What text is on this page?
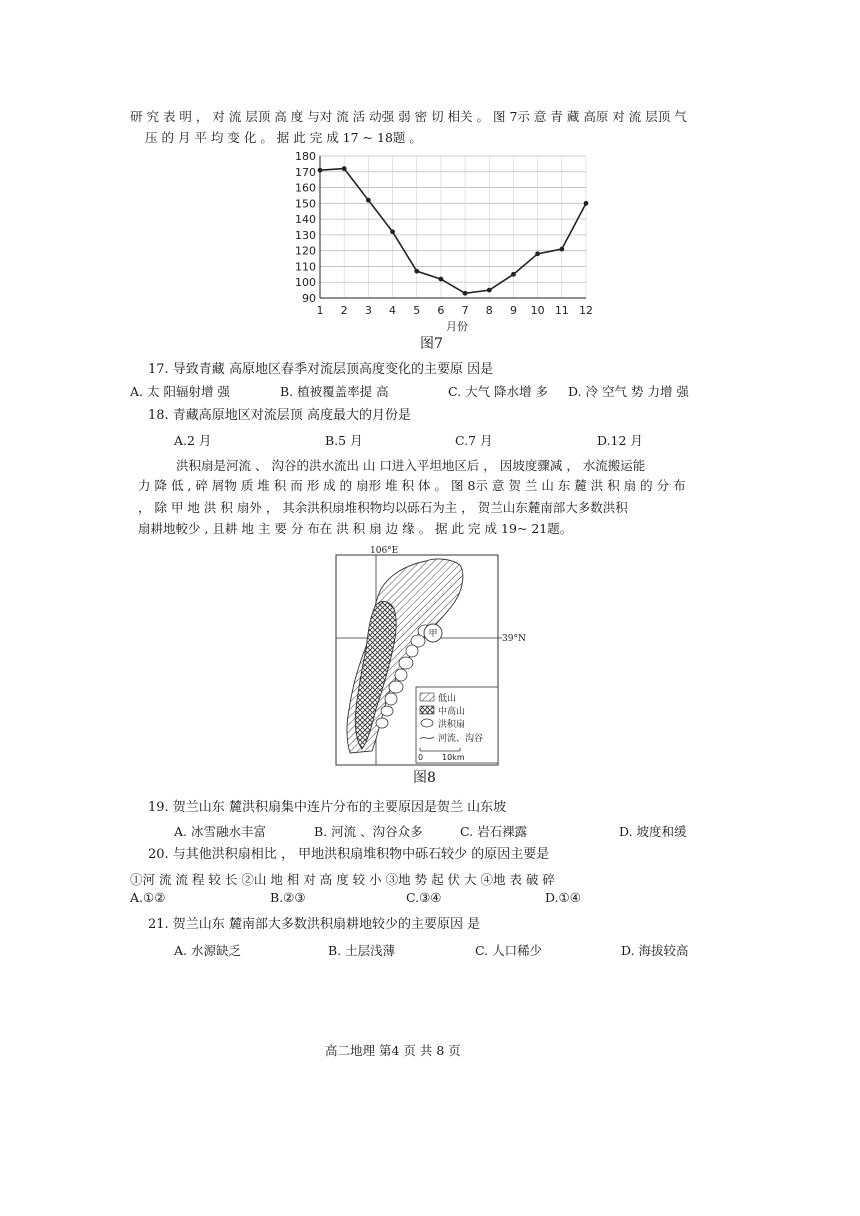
研 究 表 明 ， 对 流 层顶 高 度 与对 流 活 动强 弱 密 切 相关 。 图 7示 意 青 藏 高原 对 流 层顶 气
压 的 月 平 均 变 化 。 据 此 完 成 17 ~ 18题 。
90
100
110
120
130
140
150
160
170
180
1 2 3 4 5 6 7 8 9 10 11 12
月份
图7
17. 导致青藏 高原地区春季对流层顶高度变化的主要原 因是
A. 太 阳辐射增 强	B. 植被覆盖率提 高	C. 大气 降水增 多 D. 冷 空气 势 力增 强
18. 青藏高原地区对流层顶 高度最大的月份是
A.2 月	B.5 月	C.7 月	D.12 月
洪积扇是河流 、 沟谷的洪水流出 山 口进入平坦地区后 ， 因坡度骤减 ， 水流搬运能
力 降 低 , 碎 屑物 质 堆 积 而 形 成 的 扇形 堆 积 体 。 图 8示 意 贺 兰 山 东 麓 洪 积 扇 的 分 布
， 除 甲 地 洪 积 扇外 ， 其余洪积扇堆积物均以砾石为主 ， 贺兰山东麓南部大多数洪积
扇耕地較少 , 且耕 地 主 要 分 布在 洪 积 扇 边 缘 。 据 此 完 成 19~ 21题。
甲
106°E
39°N
低山
中高山
洪积扇
河流、沟谷
0 10km
图8
19. 贺兰山东 麓洪积扇集中连片分布的主要原因是贺兰 山东坡
A. 冰雪融水丰富	B. 河流 、沟谷众多	C. 岩石裸露	D. 坡度和缓
20. 与其他洪积扇相比 ， 甲地洪积扇堆积物中砾石较少 的原因主要是
①河 流 流 程 较 长 ②山 地 相 对 高 度 较 小 ③地 势 起 伏 大 ④地 表 破 碎
A.①②	B.②③	C.③④	D.①④
21. 贺兰山东 麓南部大多数洪积扇耕地较少的主要原因 是
A. 水源缺乏	B. 土层浅薄	C. 人口稀少	D. 海拔较高
高二地理 第4 页 共 8 页
